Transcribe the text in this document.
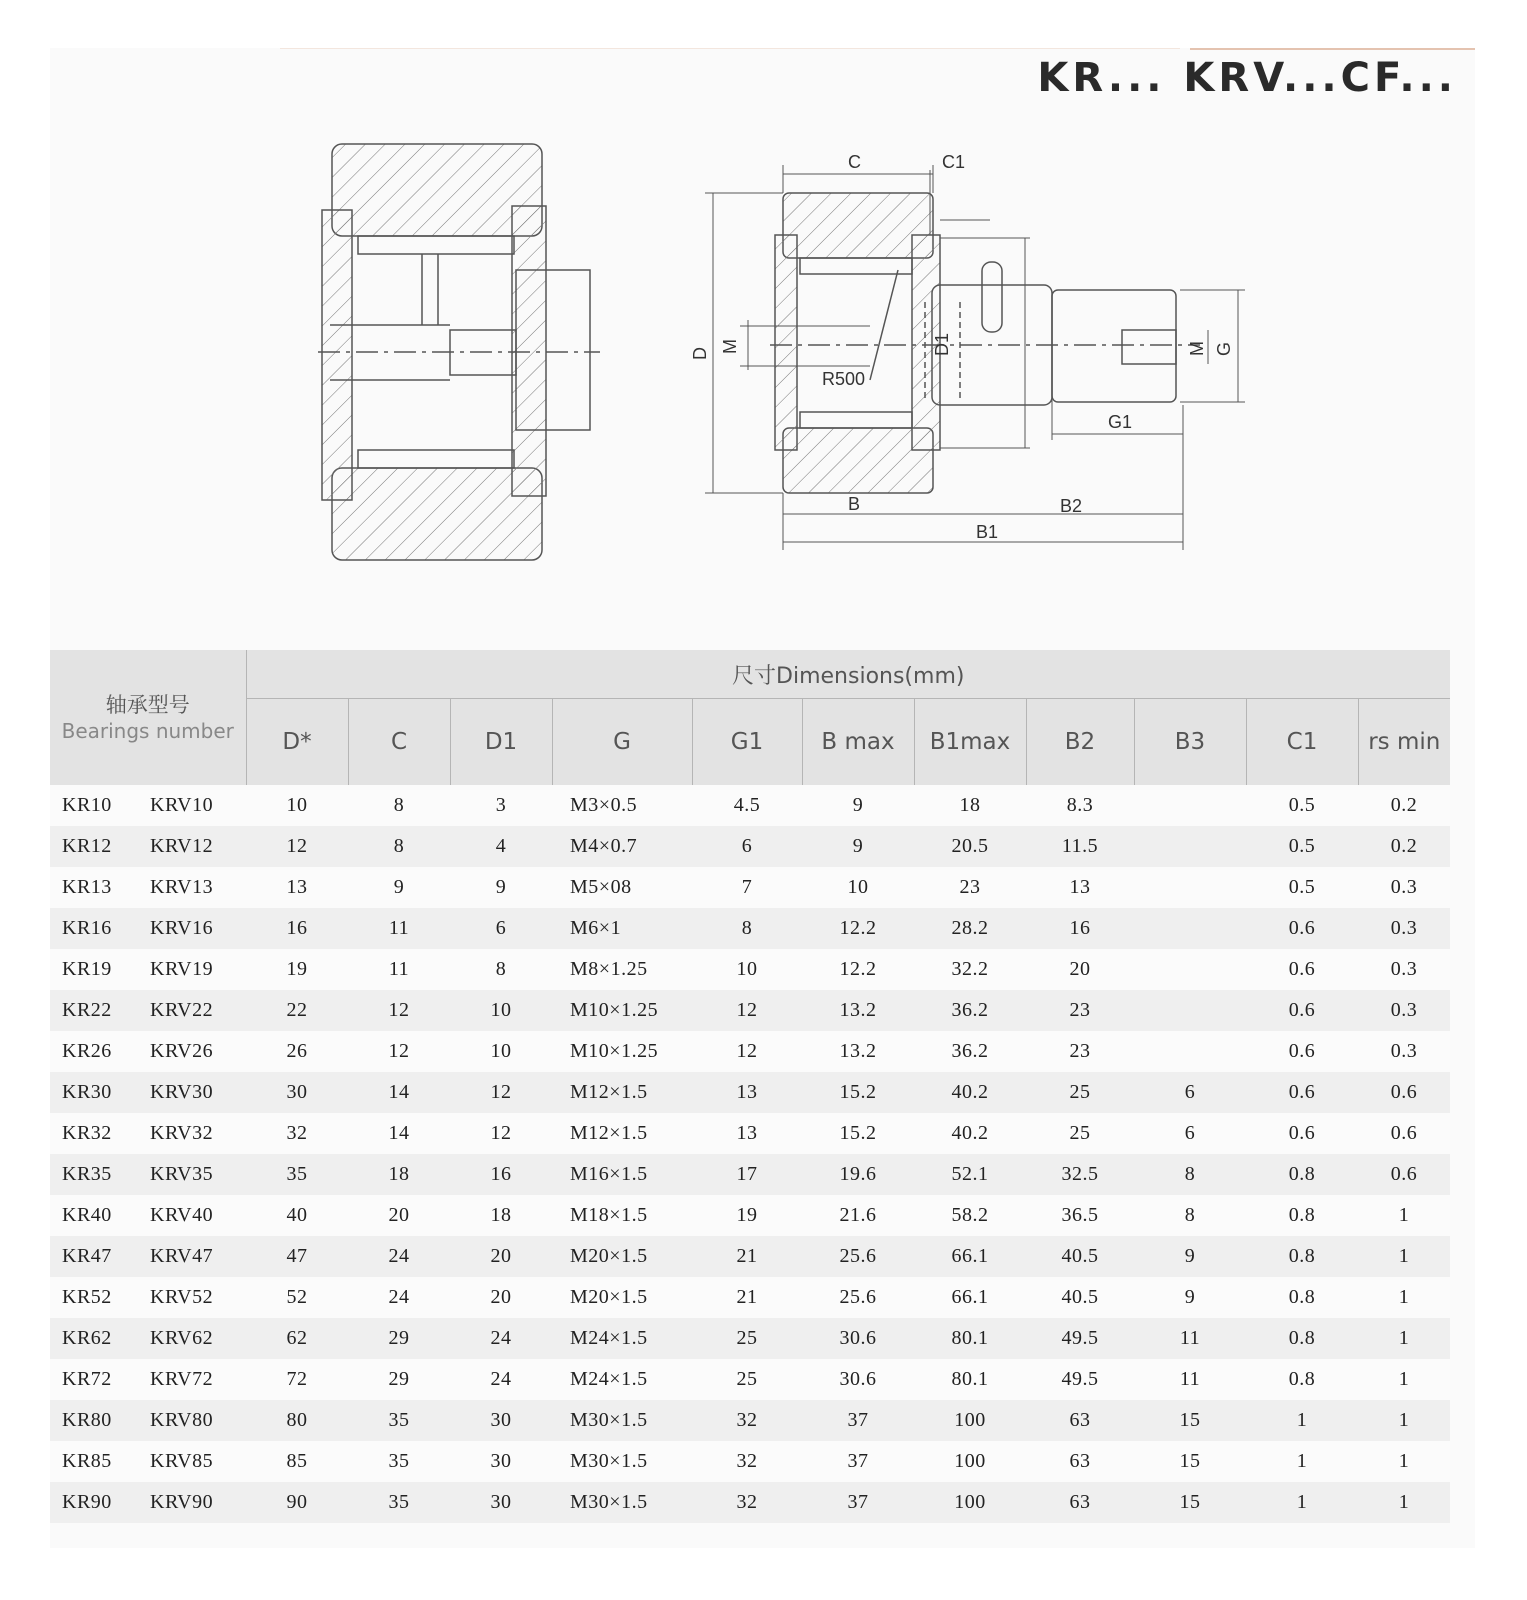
KR... KRV...CF...
C	C1
D M	D1
R500
M G
G1
B	B2
B1
轴承型号
Bearings number		尺寸Dimensions(mm)										
		D*	C	D1	G	G1	B max	B1max	B2	B3	C1	rs min
KR10	KRV10	10	8	3	M3×0.5	4.5	9	18	8.3		0.5	0.2
KR12	KRV12	12	8	4	M4×0.7	6	9	20.5	11.5		0.5	0.2
KR13	KRV13	13	9	9	M5×08	7	10	23	13		0.5	0.3
KR16	KRV16	16	11	6	M6×1	8	12.2	28.2	16		0.6	0.3
KR19	KRV19	19	11	8	M8×1.25	10	12.2	32.2	20		0.6	0.3
KR22	KRV22	22	12	10	M10×1.25	12	13.2	36.2	23		0.6	0.3
KR26	KRV26	26	12	10	M10×1.25	12	13.2	36.2	23		0.6	0.3
KR30	KRV30	30	14	12	M12×1.5	13	15.2	40.2	25	6	0.6	0.6
KR32	KRV32	32	14	12	M12×1.5	13	15.2	40.2	25	6	0.6	0.6
KR35	KRV35	35	18	16	M16×1.5	17	19.6	52.1	32.5	8	0.8	0.6
KR40	KRV40	40	20	18	M18×1.5	19	21.6	58.2	36.5	8	0.8	1
KR47	KRV47	47	24	20	M20×1.5	21	25.6	66.1	40.5	9	0.8	1
KR52	KRV52	52	24	20	M20×1.5	21	25.6	66.1	40.5	9	0.8	1
KR62	KRV62	62	29	24	M24×1.5	25	30.6	80.1	49.5	11	0.8	1
KR72	KRV72	72	29	24	M24×1.5	25	30.6	80.1	49.5	11	0.8	1
KR80	KRV80	80	35	30	M30×1.5	32	37	100	63	15	1	1
KR85	KRV85	85	35	30	M30×1.5	32	37	100	63	15	1	1
KR90	KRV90	90	35	30	M30×1.5	32	37	100	63	15	1	1
